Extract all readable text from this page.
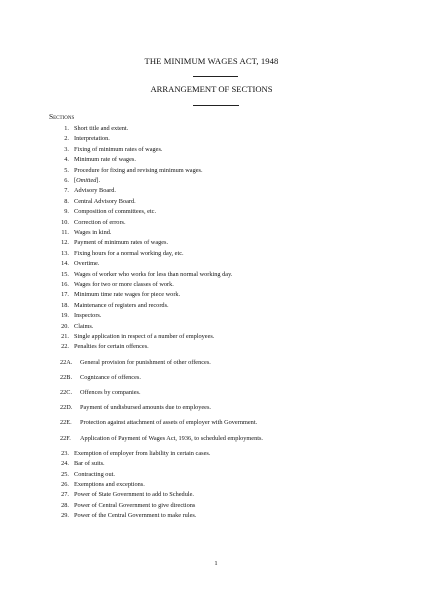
THE MINIMUM WAGES ACT, 1948
ARRANGEMENT OF SECTIONS
Sections
1. Short title and extent.
2. Interpretation.
3. Fixing of minimum rates of wages.
4. Minimum rate of wages.
5. Procedure for fixing and revising minimum wages.
6. [Omitted].
7. Advisory Board.
8. Central Advisory Board.
9. Composition of committees, etc.
10. Correction of errors.
11. Wages in kind.
12. Payment of minimum rates of wages.
13. Fixing hours for a normal working day, etc.
14. Overtime.
15. Wages of worker who works for less than normal working day.
16. Wages for two or more classes of work.
17. Minimum time rate wages for piece work.
18. Maintenance of registers and records.
19. Inspectors.
20. Claims.
21. Single application in respect of a number of employees.
22. Penalties for certain offences.
22A. General provision for punishment of other offences.
22B. Cognizance of offences.
22C. Offences by companies.
22D. Payment of undisbursed amounts due to employees.
22E. Protection against attachment of assets of employer with Government.
22F. Application of Payment of Wages Act, 1936, to scheduled employments.
23. Exemption of employer from liability in certain cases.
24. Bar of suits.
25. Contracting out.
26. Exemptions and exceptions.
27. Power of State Government to add to Schedule.
28. Power of Central Government to give directions
29. Power of the Central Government to make rules.
1
